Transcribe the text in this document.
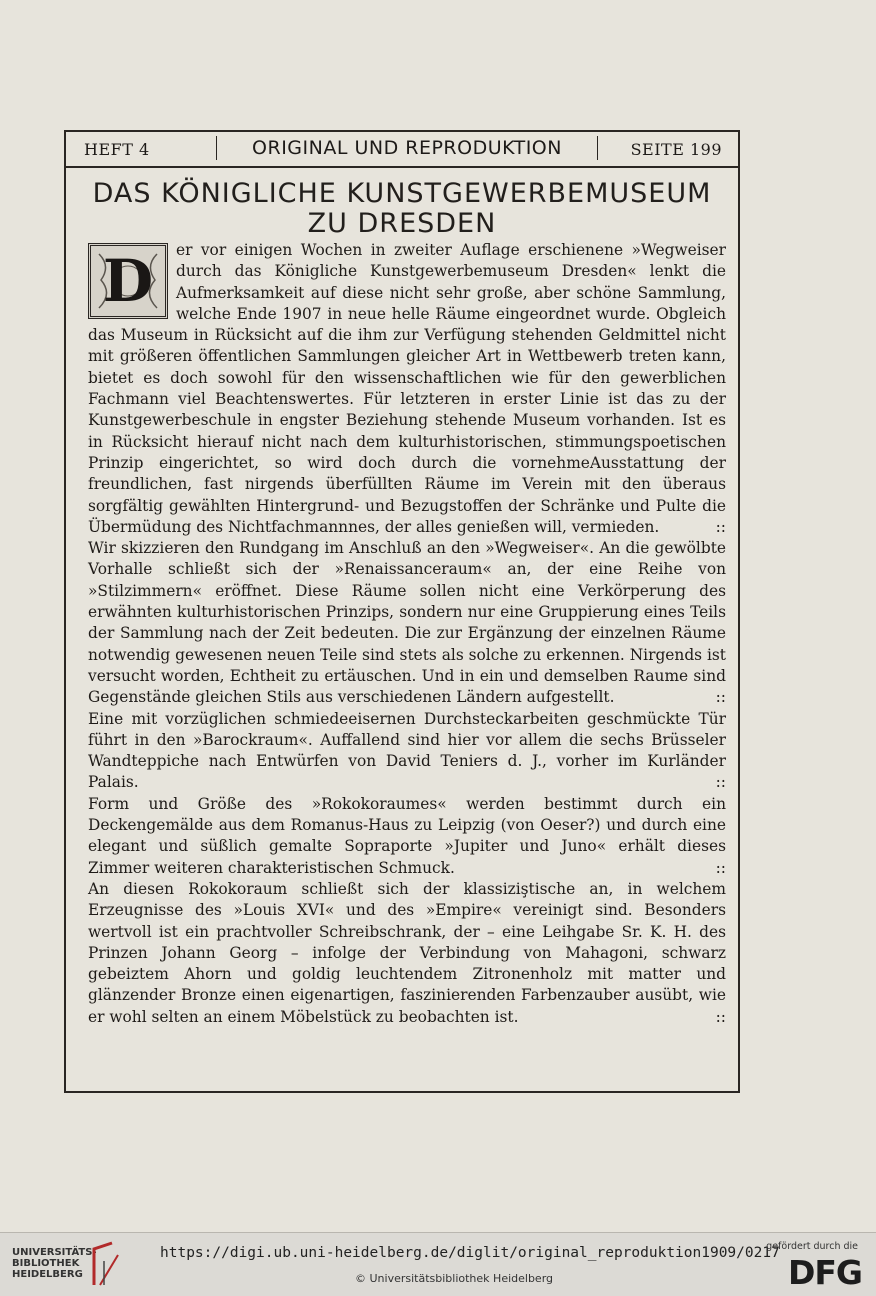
HEFT 4	ORIGINAL UND REPRODUKTION	SEITE 199
DAS KÖNIGLICHE KUNSTGEWERBEMUSEUM
ZU DRESDEN

D	er vor einigen Wochen in zweiter Auflage erschienene »Wegweiser durch das Königliche Kunstgewerbemuseum Dresden« lenkt die Aufmerksamkeit auf diese nicht sehr große, aber schöne Sammlung, welche Ende 1907 in neue helle Räume eingeordnet wurde. Obgleich das Museum in Rücksicht auf die ihm zur Verfügung stehenden Geldmittel nicht mit größeren öffentlichen Sammlungen gleicher Art in Wettbewerb treten kann, bietet es doch sowohl für den wissenschaftlichen wie für den gewerblichen Fachmann viel Beachtenswertes. Für letzteren in erster Linie ist das zu der Kunstgewerbeschule in engster Beziehung stehende Museum vorhanden. Ist es in Rücksicht hierauf nicht nach dem kulturhistorischen, stimmungspoetischen Prinzip eingerichtet, so wird doch durch die vornehmeAusstattung der freundlichen, fast nirgends überfüllten Räume im Verein mit den überaus sorgfältig gewählten Hintergrund- und Bezugstoffen der Schränke und Pulte die Übermüdung des Nichtfachmannnes, der alles genießen will, vermieden.	::

Wir skizzieren den Rundgang im Anschluß an den »Wegweiser«. An die gewölbte Vorhalle schließt sich der »Renaissanceraum« an, der eine Reihe von »Stilzimmern« eröffnet. Diese Räume sollen nicht eine Verkörperung des erwähnten kulturhistorischen Prinzips, sondern nur eine Gruppierung eines Teils der Sammlung nach der Zeit bedeuten. Die zur Ergänzung der einzelnen Räume notwendig gewesenen neuen Teile sind stets als solche zu erkennen. Nirgends ist versucht worden, Echtheit zu ertäuschen. Und in ein und demselben Raume sind Gegenstände gleichen Stils aus verschiedenen Ländern aufgestellt.	::

Eine mit vorzüglichen schmiedeeisernen Durchsteckarbeiten geschmückte Tür führt in den »Barockraum«. Auffallend sind hier vor allem die sechs Brüsseler Wandteppiche nach Entwürfen von David Teniers d. J., vorher im Kurländer Palais.	::

Form und Größe des »Rokokoraumes« werden bestimmt durch ein Deckengemälde aus dem Romanus-Haus zu Leipzig (von Oeser?) und durch eine elegant und süßlich gemalte Sopraporte »Jupiter und Juno« erhält dieses Zimmer weiteren charakteristischen Schmuck.	::

An diesen Rokokoraum schließt sich der klassiziştische an, in welchem Erzeugnisse des »Louis XVI« und des »Empire« vereinigt sind. Besonders wertvoll ist ein prachtvoller Schreibschrank, der – eine Leihgabe Sr. K. H. des Prinzen Johann Georg – infolge der Verbindung von Mahagoni, schwarz gebeiztem Ahorn und goldig leuchtendem Zitronenholz mit matter und glänzender Bronze einen eigenartigen, faszinierenden Farbenzauber ausübt, wie er wohl selten an einem Möbelstück zu beobachten ist.	::

UNIVERSITÄTS-
BIBLIOTHEK
HEIDELBERG
https://digi.ub.uni-heidelberg.de/diglit/original_reproduktion1909/0217
© Universitätsbibliothek Heidelberg
gefördert durch die
DFG
